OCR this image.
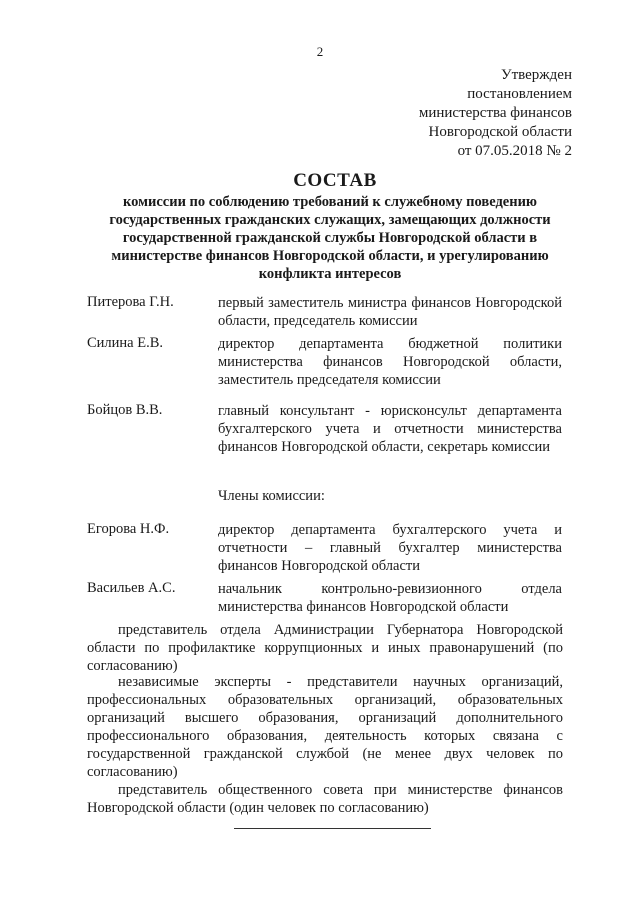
2
Утвержден
постановлением
министерства финансов
Новгородской области
от 07.05.2018 № 2
СОСТАВ
комиссии по соблюдению требований к служебному поведению
государственных гражданских служащих, замещающих должности
государственной гражданской службы Новгородской области в
министерстве финансов Новгородской области, и урегулированию
конфликта интересов
Питерова Г.Н.	первый заместитель министра финансов Новгородской области, председатель комиссии
Силина Е.В.	директор департамента бюджетной политики министерства финансов Новгородской области, заместитель председателя комиссии
Бойцов В.В.	главный консультант - юрисконсульт департамента бухгалтерского учета и отчетности министерства финансов Новгородской области, секретарь комиссии
Члены комиссии:
Егорова Н.Ф.	директор департамента бухгалтерского учета и отчетности – главный бухгалтер министерства финансов Новгородской области
Васильев А.С.	начальник контрольно-ревизионного отдела министерства финансов Новгородской области
представитель отдела Администрации Губернатора Новгородской области по профилактике коррупционных и иных правонарушений (по согласованию)
независимые эксперты - представители научных организаций, профессиональных образовательных организаций, образовательных организаций высшего образования, организаций дополнительного профессионального образования, деятельность которых связана с государственной гражданской службой (не менее двух человек по согласованию)
представитель общественного совета при министерстве финансов Новгородской области (один человек по согласованию)
